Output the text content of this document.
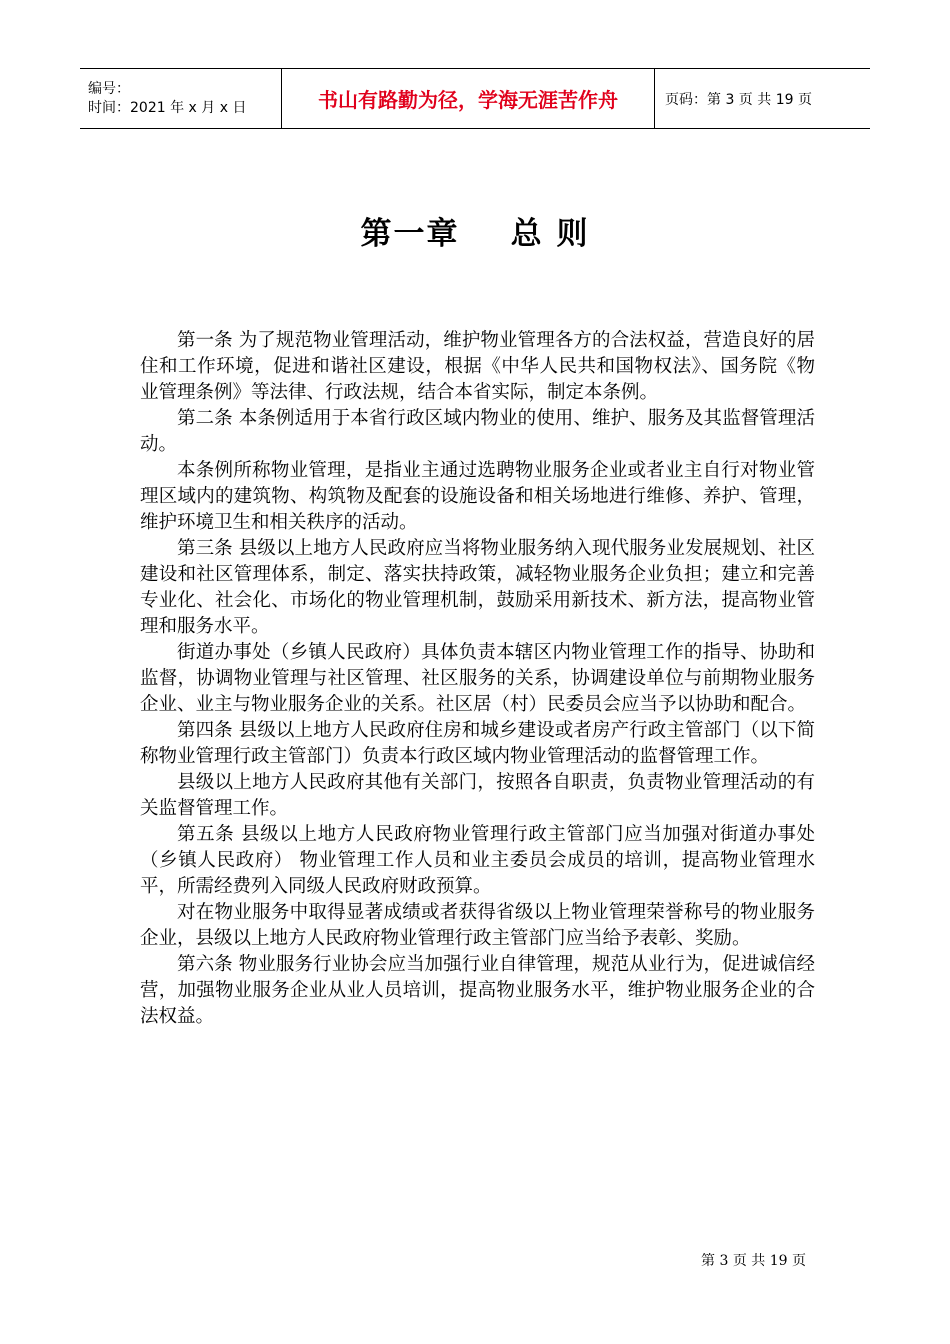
编号：
时间：2021 年 x 月 x 日	书山有路勤为径，学海无涯苦作舟	页码：第 3 页 共 19 页
第一章    总 则

第一条 为了规范物业管理活动，维护物业管理各方的合法权益，营造良好的居住和工作环境，促进和谐社区建设，根据《中华人民共和国物权法》、国务院《物业管理条例》等法律、行政法规，结合本省实际，制定本条例。

第二条 本条例适用于本省行政区域内物业的使用、维护、服务及其监督管理活动。

本条例所称物业管理，是指业主通过选聘物业服务企业或者业主自行对物业管理区域内的建筑物、构筑物及配套的设施设备和相关场地进行维修、养护、管理，维护环境卫生和相关秩序的活动。

第三条 县级以上地方人民政府应当将物业服务纳入现代服务业发展规划、社区建设和社区管理体系，制定、落实扶持政策，减轻物业服务企业负担；建立和完善专业化、社会化、市场化的物业管理机制，鼓励采用新技术、新方法，提高物业管理和服务水平。

街道办事处（乡镇人民政府）具体负责本辖区内物业管理工作的指导、协助和监督，协调物业管理与社区管理、社区服务的关系，协调建设单位与前期物业服务企业、业主与物业服务企业的关系。社区居（村）民委员会应当予以协助和配合。

第四条 县级以上地方人民政府住房和城乡建设或者房产行政主管部门（以下简称物业管理行政主管部门）负责本行政区域内物业管理活动的监督管理工作。

县级以上地方人民政府其他有关部门，按照各自职责，负责物业管理活动的有关监督管理工作。

第五条 县级以上地方人民政府物业管理行政主管部门应当加强对街道办事处（乡镇人民政府） 物业管理工作人员和业主委员会成员的培训，提高物业管理水平，所需经费列入同级人民政府财政预算。

对在物业服务中取得显著成绩或者获得省级以上物业管理荣誉称号的物业服务企业，县级以上地方人民政府物业管理行政主管部门应当给予表彰、奖励。

第六条 物业服务行业协会应当加强行业自律管理，规范从业行为，促进诚信经营，加强物业服务企业从业人员培训，提高物业服务水平，维护物业服务企业的合法权益。

第 3 页 共 19 页
